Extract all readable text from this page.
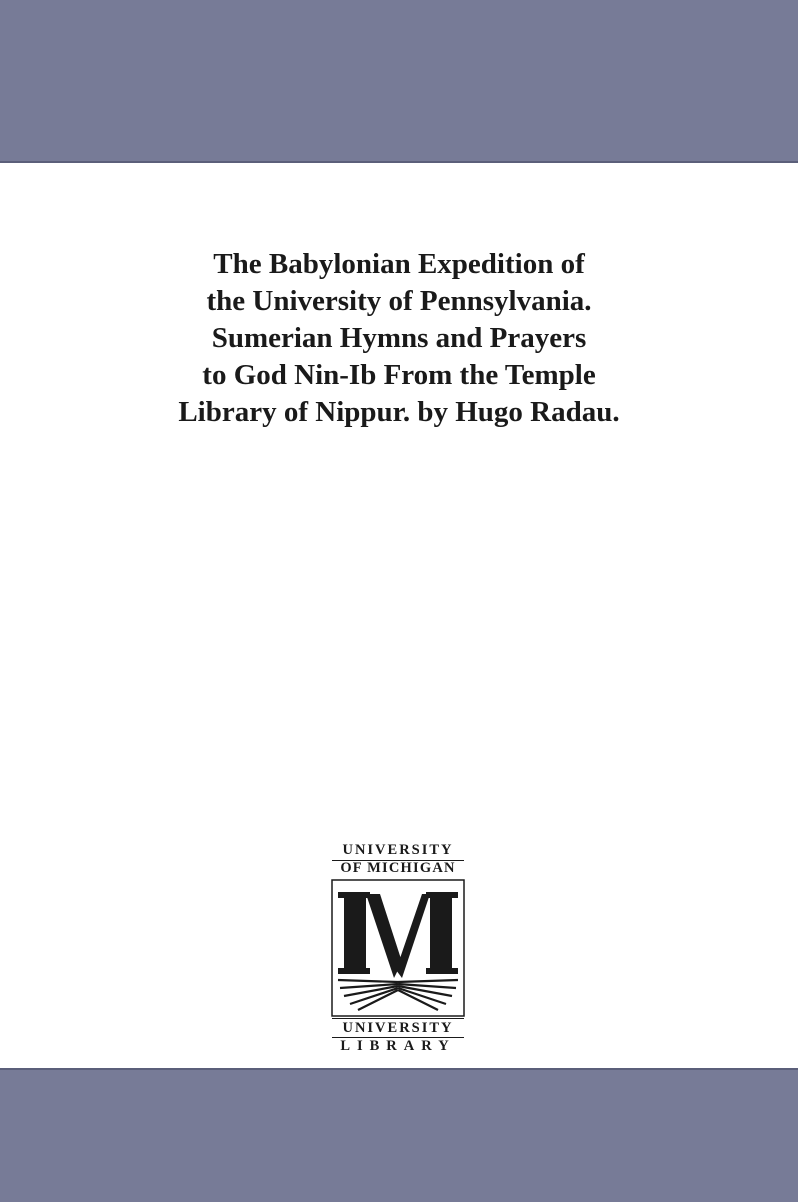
The Babylonian Expedition of
the University of Pennsylvania.
Sumerian Hymns and Prayers
to God Nin-Ib From the Temple
Library of Nippur. by Hugo Radau.
UNIVERSITY
OF MICHIGAN
UNIVERSITY
LIBRARY
